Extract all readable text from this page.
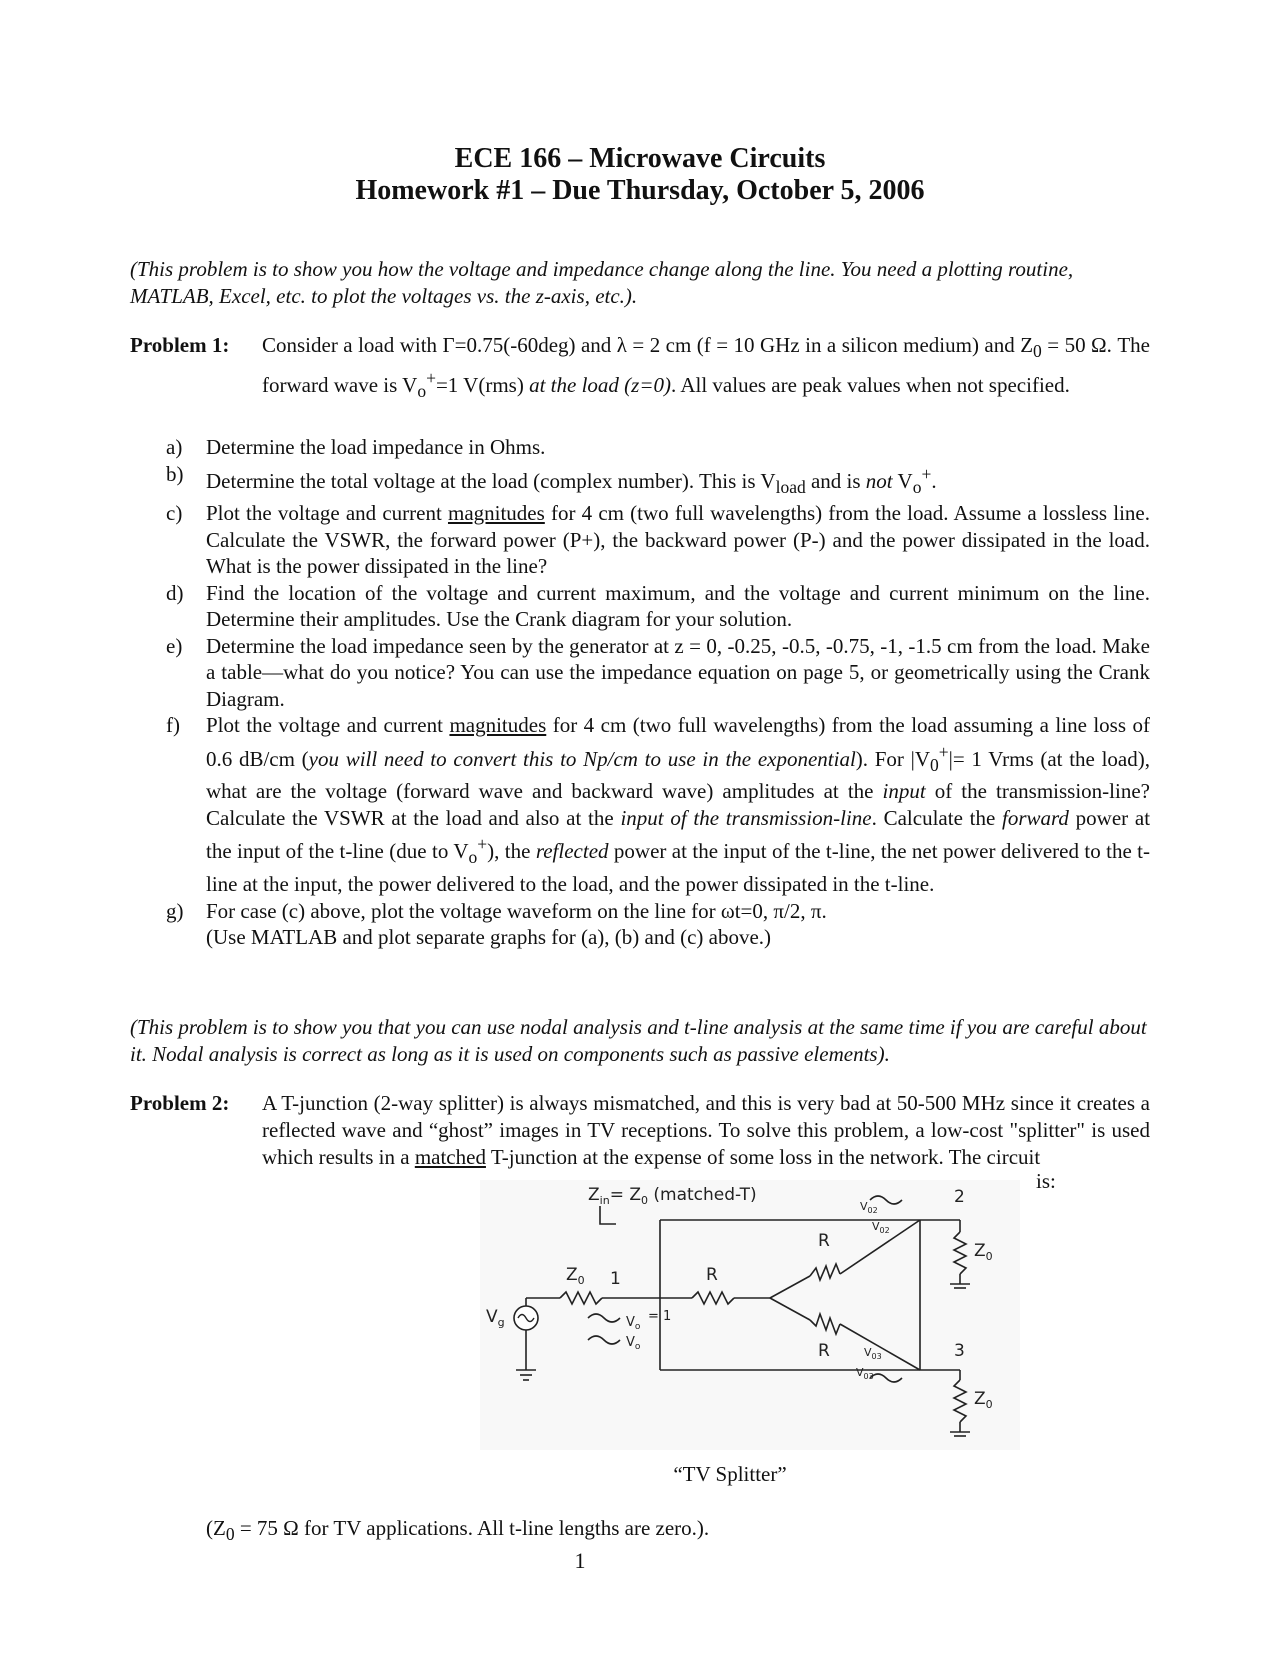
ECE 166 – Microwave Circuits
Homework #1 – Due Thursday, October 5, 2006
(This problem is to show you how the voltage and impedance change along the line. You need a plotting routine, MATLAB, Excel, etc. to plot the voltages vs. the z-axis, etc.).
Problem 1: Consider a load with Γ=0.75(-60deg) and λ = 2 cm (f = 10 GHz in a silicon medium) and $Z_0 = 50$ Ω. The forward wave is $V_o^+=1$ V(rms) at the load (z=0). All values are peak values when not specified.
a) Determine the load impedance in Ohms.
b) Determine the total voltage at the load (complex number). This is $V_{load}$ and is not $V_o^+$.
c) Plot the voltage and current magnitudes for 4 cm (two full wavelengths) from the load. Assume a lossless line. Calculate the VSWR, the forward power (P+), the backward power (P-) and the power dissipated in the load. What is the power dissipated in the line?
d) Find the location of the voltage and current maximum, and the voltage and current minimum on the line. Determine their amplitudes. Use the Crank diagram for your solution.
e) Determine the load impedance seen by the generator at z = 0, -0.25, -0.5, -0.75, -1, -1.5 cm from the load. Make a table—what do you notice? You can use the impedance equation on page 5, or geometrically using the Crank Diagram.
f) Plot the voltage and current magnitudes for 4 cm (two full wavelengths) from the load assuming a line loss of 0.6 dB/cm (you will need to convert this to Np/cm to use in the exponential). For $|V_0^+|= 1$ Vrms (at the load), what are the voltage (forward wave and backward wave) amplitudes at the input of the transmission-line? Calculate the VSWR at the load and also at the input of the transmission-line. Calculate the forward power at the input of the t-line (due to $V_o^+$), the reflected power at the input of the t-line, the net power delivered to the t-line at the input, the power delivered to the load, and the power dissipated in the t-line.
g) For case (c) above, plot the voltage waveform on the line for ωt=0, π/2, π.
(Use MATLAB and plot separate graphs for (a), (b) and (c) above.)
(This problem is to show you that you can use nodal analysis and t-line analysis at the same time if you are careful about it. Nodal analysis is correct as long as it is used on components such as passive elements).
Problem 2: A T-junction (2-way splitter) is always mismatched, and this is very bad at 50-500 MHz since it creates a reflected wave and “ghost” images in TV receptions. To solve this problem, a low-cost "splitter" is used which results in a matched T-junction at the expense of some loss in the network. The circuit
is:
$Z_{in}= Z_0$ (matched-T)
$Z_0$ 1	R
R
R
$V_g$	$V_o$
= 1
$V_o$
2
3
$Z_0$
$Z_0$
$V_{02}$
$V_{02}$
$V_{03}$
$V_{03}$
“TV Splitter”
($Z_0 = 75$ Ω for TV applications. All t-line lengths are zero.).
1
